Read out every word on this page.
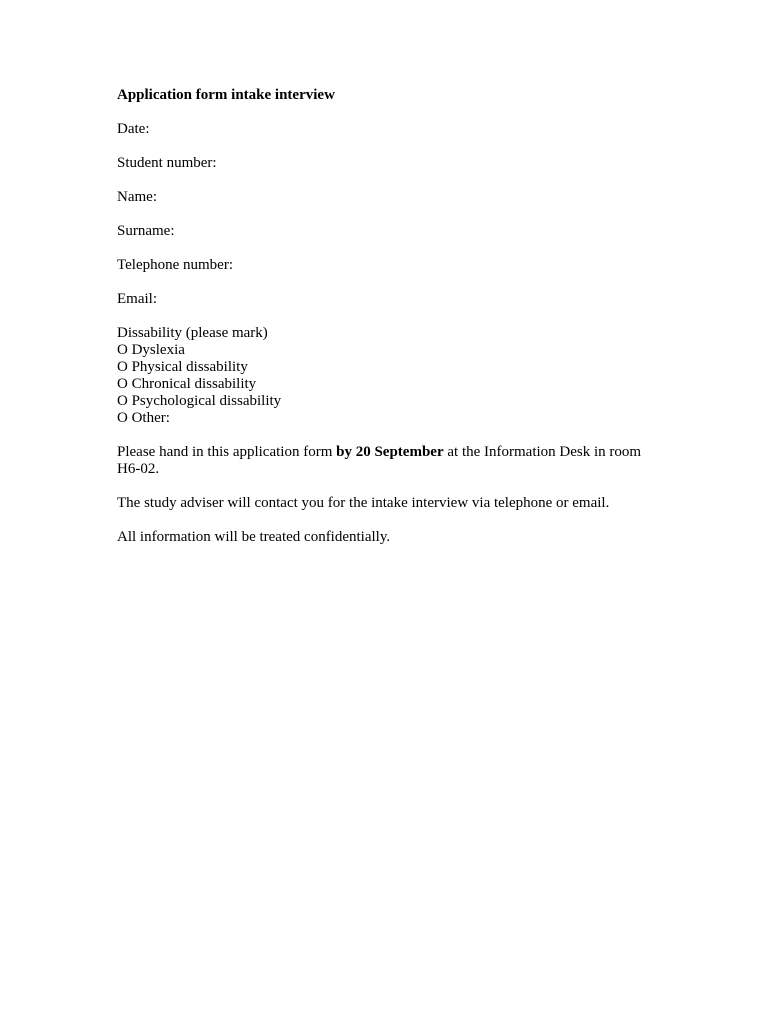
Application form intake interview
Date:
Student number:
Name:
Surname:
Telephone number:
Email:
Dissability (please mark)
O Dyslexia
O Physical dissability
O Chronical dissability
O Psychological dissability
O Other:
Please hand in this application form by 20 September at the Information Desk in room H6-02.
The study adviser will contact you for the intake interview via telephone or email.
All information will be treated confidentially.
